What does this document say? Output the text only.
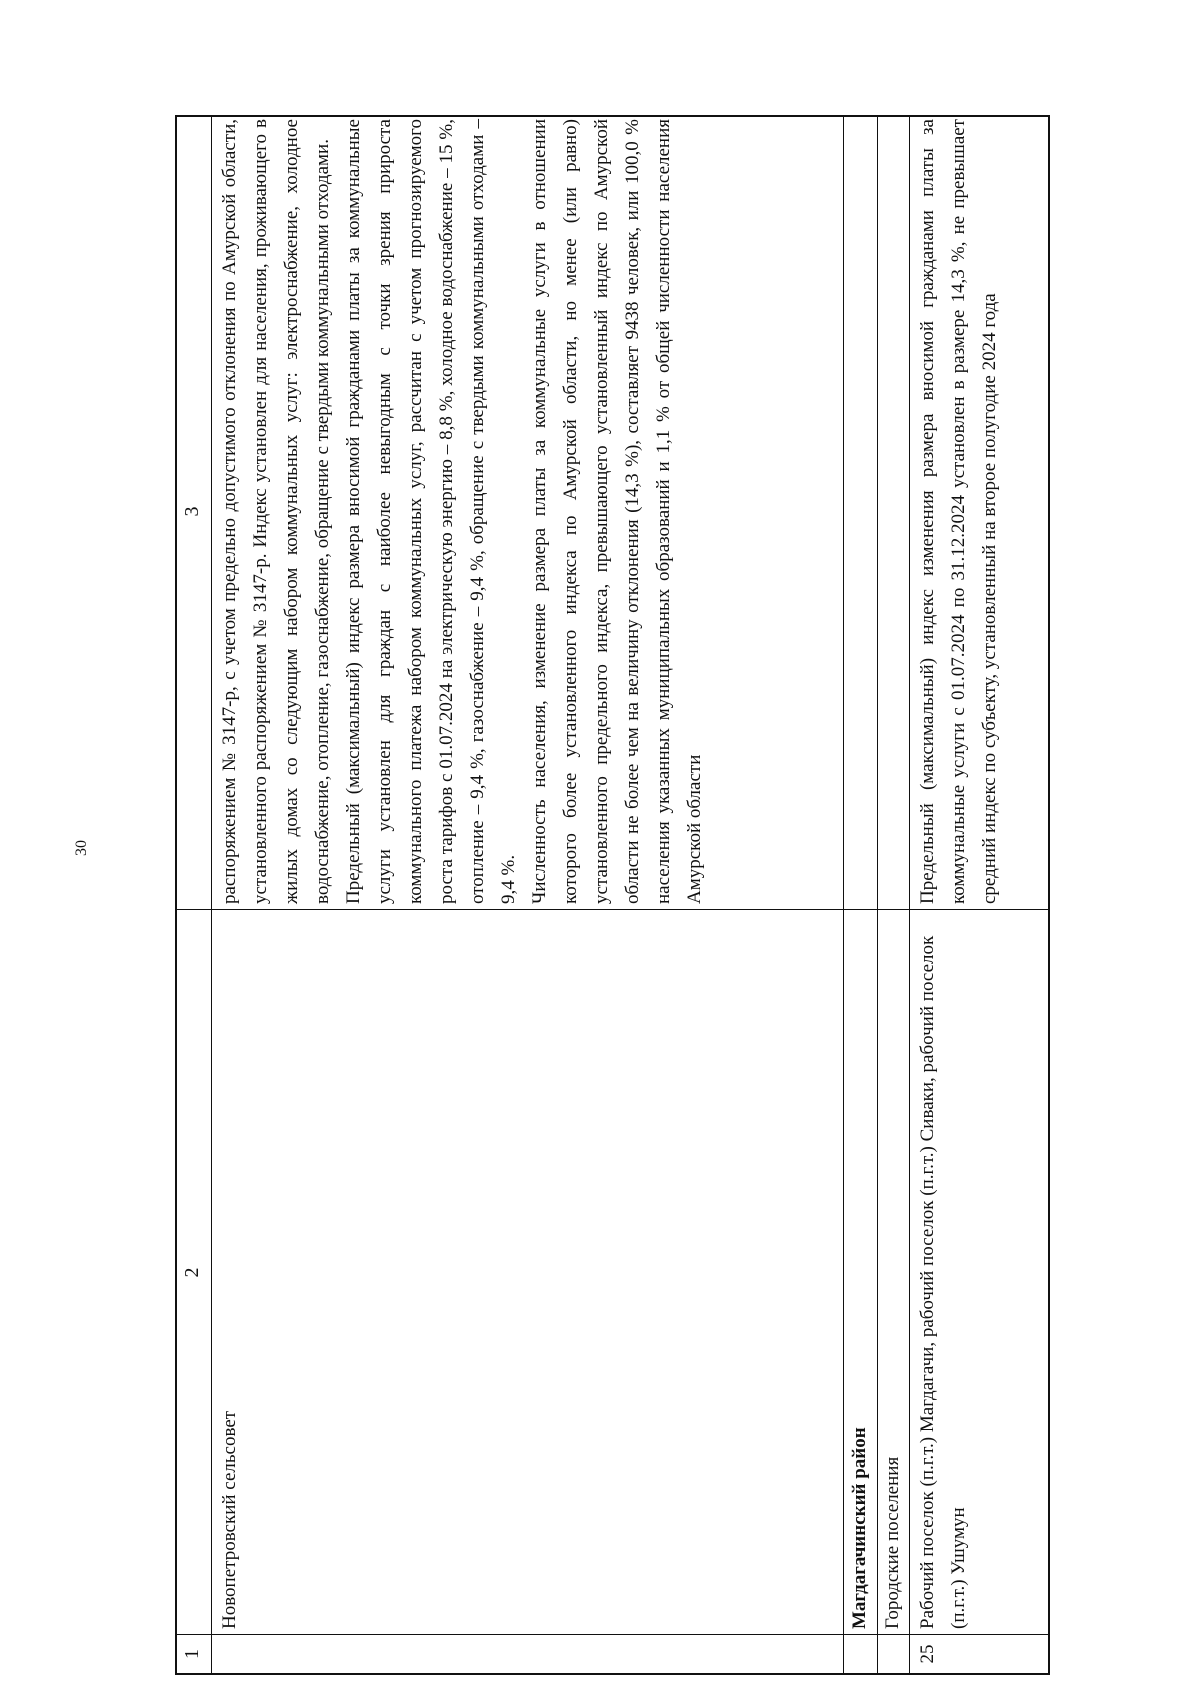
30
1
2
3
Новопетровский сельсовет

распоряжением № 3147-р, с учетом предельно допустимого отклонения по Амурской области, установленного распоряжением № 3147-р. Индекс установлен для населения, проживающего в жилых домах со следующим набором коммунальных услуг: электроснабжение, холодное водоснабжение, отопление, газоснабжение, обращение с твердыми коммунальными отходами. Предельный (максимальный) индекс размера вносимой гражданами платы за коммунальные услуги установлен для граждан с наиболее невыгодным с точки зрения прироста коммунального платежа набором коммунальных услуг, рассчитан с учетом прогнозируемого роста тарифов с 01.07.2024 на электрическую энергию – 8,8 %, холодное водоснабжение – 15 %, отопление – 9,4 %, газоснабжение – 9,4 %, обращение с твердыми коммунальными отходами – 9,4 %. Численность населения, изменение размера платы за коммунальные услуги в отношении которого более установленного индекса по Амурской области, но менее (или равно) установленного предельного индекса, превышающего установленный индекс по Амурской области не более чем на величину отклонения (14,3 %), составляет 9438 человек, или 100,0 % населения указанных муниципальных образований и 1,1 % от общей численности населения Амурской области

Магдагачинский район Городские поселения
25
Рабочий поселок (п.г.т.) Магдагачи, рабочий поселок (п.г.т.) Сиваки, рабочий поселок (п.г.т.) Ушумун

Предельный (максимальный) индекс изменения размера вносимой гражданами платы за коммунальные услуги с 01.07.2024 по 31.12.2024 установлен в размере 14,3 %, не превышает средний индекс по субъекту, установленный на второе полугодие 2024 года
